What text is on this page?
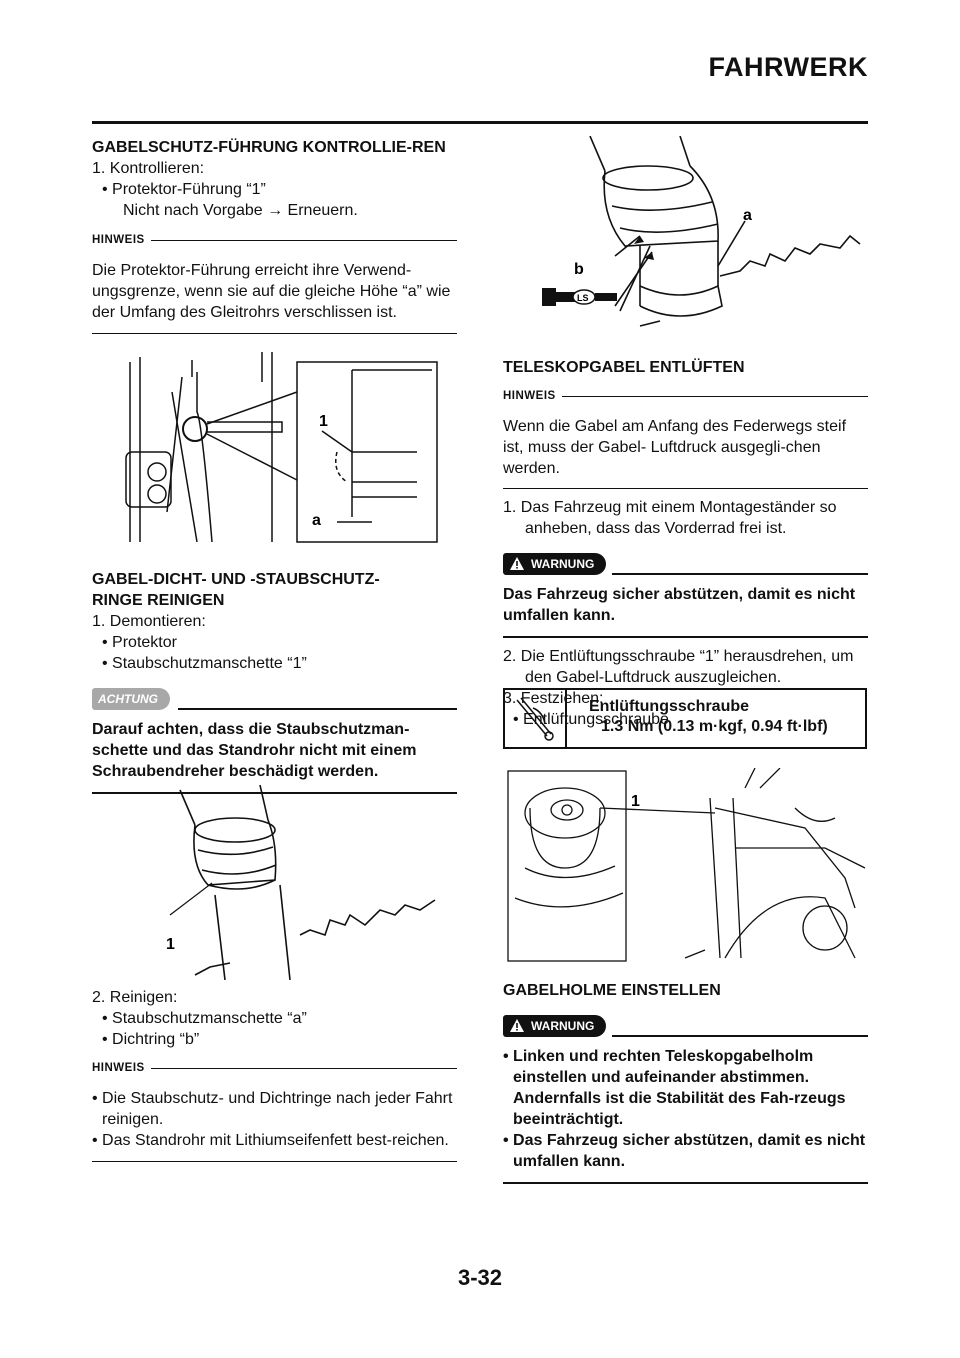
FAHRWERK

GABELSCHUTZ-FÜHRUNG KONTROLLIE-REN

1. Kontrollieren:

• Protektor-Führung “1”

Nicht nach Vorgabe → Erneuern.

HINWEIS

Die Protektor-Führung erreicht ihre Verwend-ungsgrenze, wenn sie auf die gleiche Höhe “a” wie der Umfang des Gleitrohrs verschlissen ist.

1
a

GABEL-DICHT- UND -STAUBSCHUTZ-RINGE REINIGEN

1. Demontieren:

• Protektor

• Staubschutzmanschette “1”

ACHTUNG

Darauf achten, dass die Staubschutzman-schette und das Standrohr nicht mit einem Schraubendreher beschädigt werden.

1

2. Reinigen:

• Staubschutzmanschette “a”

• Dichtring “b”

HINWEIS

• Die Staubschutz- und Dichtringe nach jeder Fahrt reinigen.

• Das Standrohr mit Lithiumseifenfett best-reichen.

LS
a
b

TELESKOPGABEL ENTLÜFTEN

HINWEIS

Wenn die Gabel am Anfang des Federwegs steif ist, muss der Gabel- Luftdruck ausgegli-chen werden.

1. Das Fahrzeug mit einem Montageständer so anheben, dass das Vorderrad frei ist.

WARNUNG

Das Fahrzeug sicher abstützen, damit es nicht umfallen kann.

2. Die Entlüftungsschraube “1” herausdrehen, um den Gabel-Luftdruck auszugleichen.

3. Festziehen:

• Entlüftungsschraube

Entlüftungsschraube
1.3 Nm (0.13 m·kgf, 0.94 ft·lbf)
1

GABELHOLME EINSTELLEN

WARNUNG

• Linken und rechten Teleskopgabelholm einstellen und aufeinander abstimmen. Andernfalls ist die Stabilität des Fah-rzeugs beeinträchtigt.

• Das Fahrzeug sicher abstützen, damit es nicht umfallen kann.

3-32
